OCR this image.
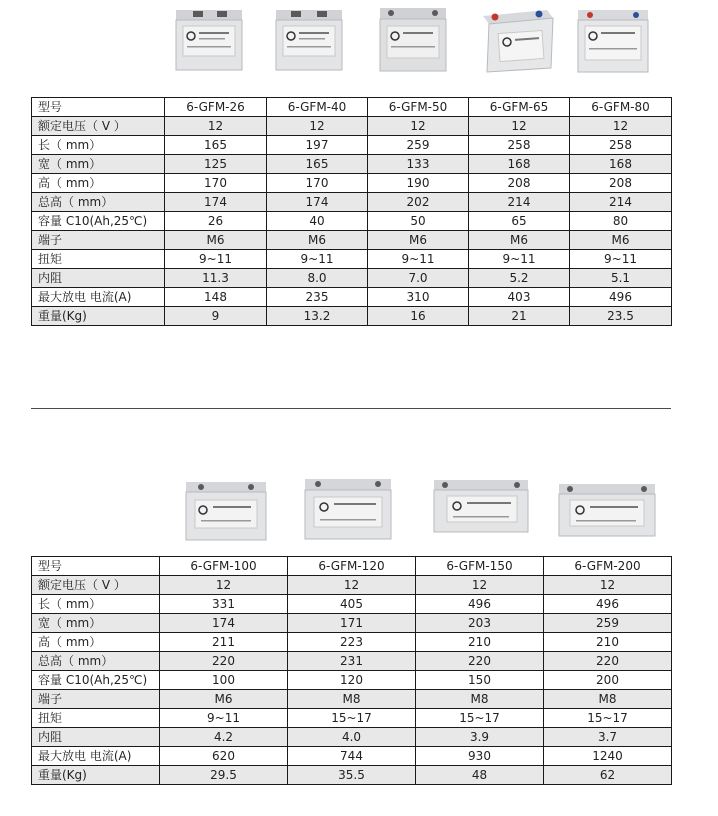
型号	6-GFM-26	6-GFM-40	6-GFM-50	6-GFM-65	6-GFM-80
额定电压（ V ）	12	12	12	12	12
长（ mm）	165	197	259	258	258
宽（ mm）	125	165	133	168	168
高（ mm）	170	170	190	208	208
总高（ mm）	174	174	202	214	214
容量 C10(Ah,25℃)	26	40	50	65	80
端子	M6	M6	M6	M6	M6
扭矩	9~11	9~11	9~11	9~11	9~11
内阻	11.3	8.0	7.0	5.2	5.1
最大放电 电流(A)	148	235	310	403	496
重量(Kg)	9	13.2	16	21	23.5
型号	6-GFM-100	6-GFM-120	6-GFM-150	6-GFM-200
额定电压（ V ）	12	12	12	12
长（ mm）	331	405	496	496
宽（ mm）	174	171	203	259
高（ mm）	211	223	210	210
总高（ mm）	220	231	220	220
容量 C10(Ah,25℃)	100	120	150	200
端子	M6	M8	M8	M8
扭矩	9~11	15~17	15~17	15~17
内阻	4.2	4.0	3.9	3.7
最大放电 电流(A)	620	744	930	1240
重量(Kg)	29.5	35.5	48	62
